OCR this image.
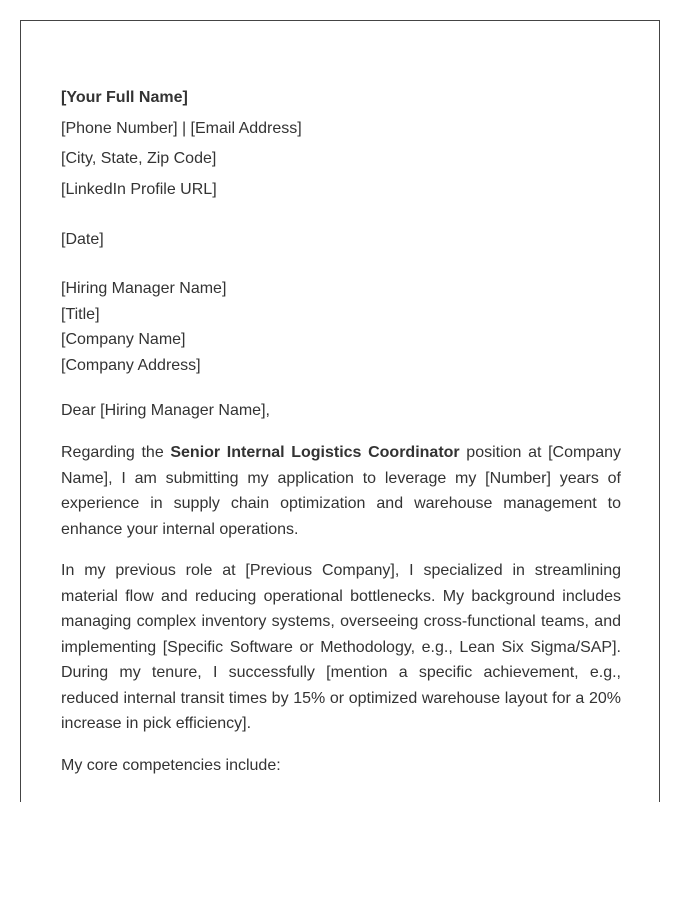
[Your Full Name]
[Phone Number] | [Email Address]
[City, State, Zip Code]
[LinkedIn Profile URL]
[Date]
[Hiring Manager Name]
[Title]
[Company Name]
[Company Address]
Dear [Hiring Manager Name],
Regarding the Senior Internal Logistics Coordinator position at [Company Name], I am submitting my application to leverage my [Number] years of experience in supply chain optimization and warehouse management to enhance your internal operations.
In my previous role at [Previous Company], I specialized in streamlining material flow and reducing operational bottlenecks. My background includes managing complex inventory systems, overseeing cross-functional teams, and implementing [Specific Software or Methodology, e.g., Lean Six Sigma/SAP]. During my tenure, I successfully [mention a specific achievement, e.g., reduced internal transit times by 15% or optimized warehouse layout for a 20% increase in pick efficiency].
My core competencies include:
